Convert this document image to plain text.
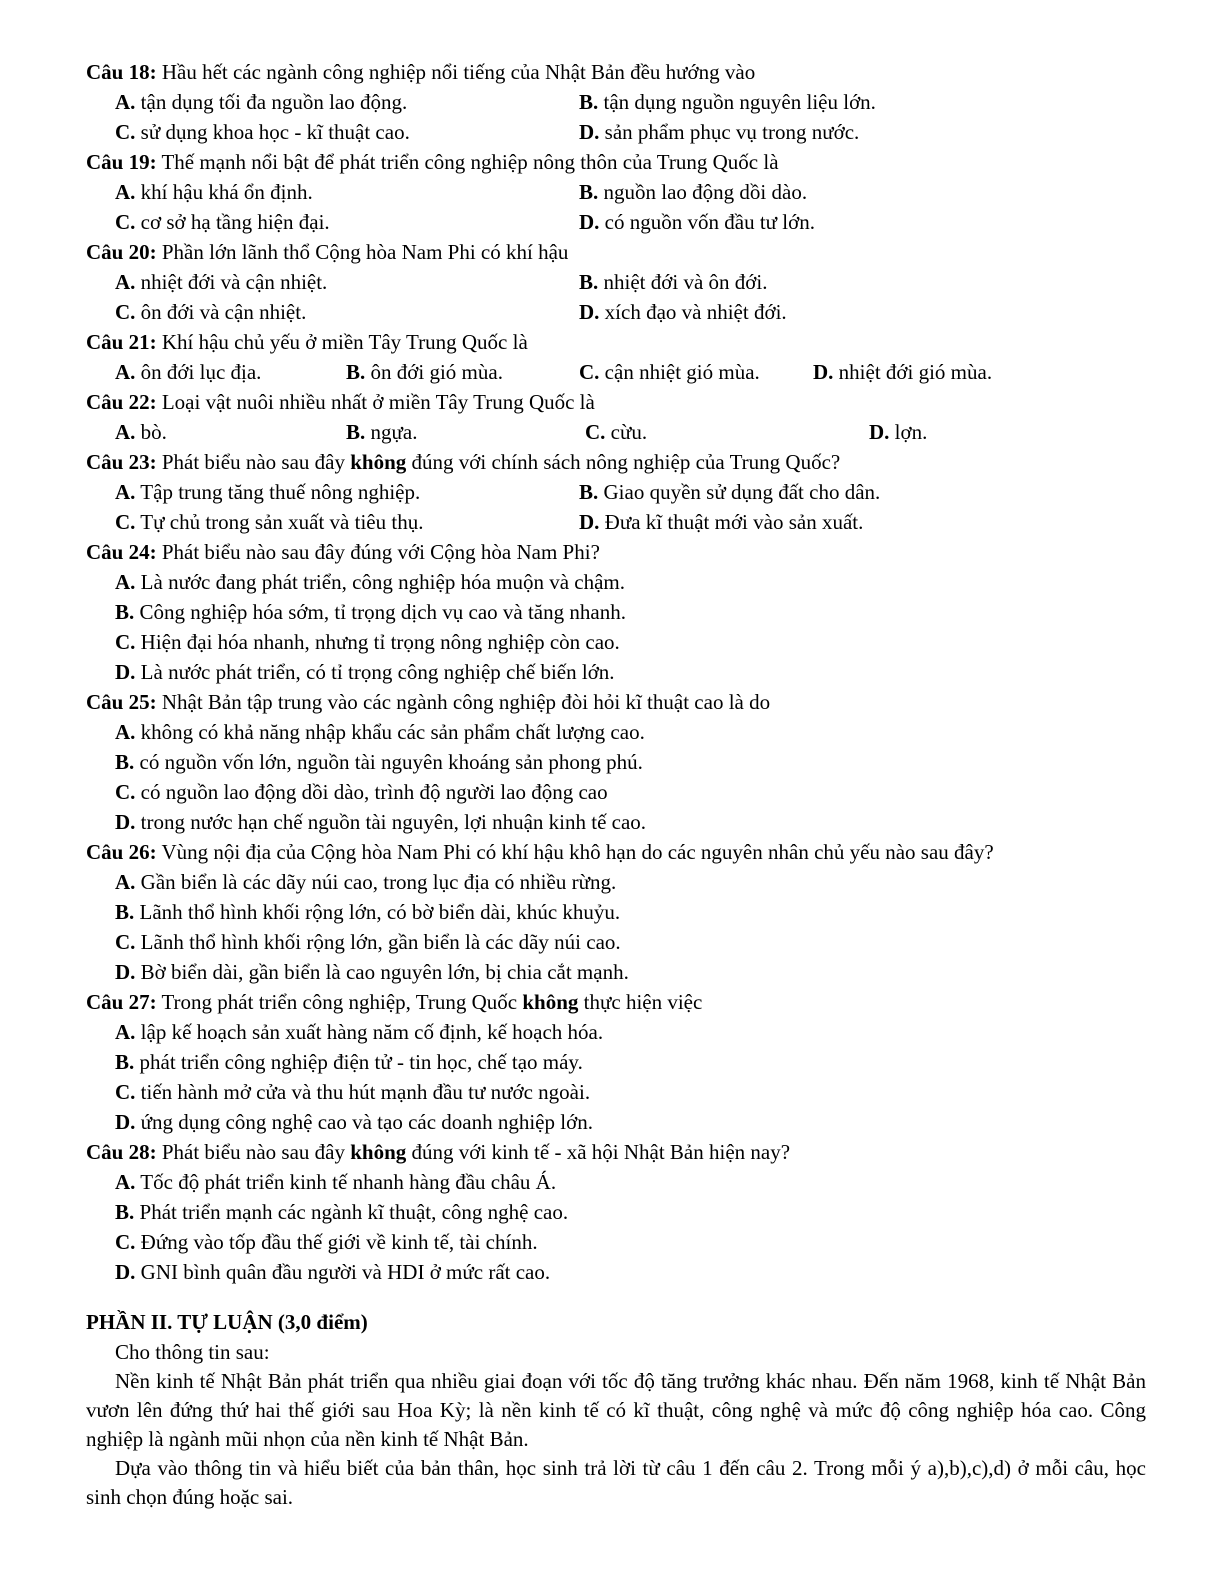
Câu 18: Hầu hết các ngành công nghiệp nổi tiếng của Nhật Bản đều hướng vào
A. tận dụng tối đa nguồn lao động.	B. tận dụng nguồn nguyên liệu lớn.
C. sử dụng khoa học - kĩ thuật cao.	D. sản phẩm phục vụ trong nước.
Câu 19: Thế mạnh nổi bật để phát triển công nghiệp nông thôn của Trung Quốc là
A. khí hậu khá ổn định.	B. nguồn lao động dồi dào.
C. cơ sở hạ tầng hiện đại.	D. có nguồn vốn đầu tư lớn.
Câu 20: Phần lớn lãnh thổ Cộng hòa Nam Phi có khí hậu
A. nhiệt đới và cận nhiệt.	B. nhiệt đới và ôn đới.
C. ôn đới và cận nhiệt.	D. xích đạo và nhiệt đới.
Câu 21: Khí hậu chủ yếu ở miền Tây Trung Quốc là
A. ôn đới lục địa.	B. ôn đới gió mùa.	C. cận nhiệt gió mùa.	D. nhiệt đới gió mùa.
Câu 22: Loại vật nuôi nhiều nhất ở miền Tây Trung Quốc là
A. bò.	B. ngựa.	C. cừu.	D. lợn.
Câu 23: Phát biểu nào sau đây không đúng với chính sách nông nghiệp của Trung Quốc?
A. Tập trung tăng thuế nông nghiệp.	B. Giao quyền sử dụng đất cho dân.
C. Tự chủ trong sản xuất và tiêu thụ.	D. Đưa kĩ thuật mới vào sản xuất.
Câu 24: Phát biểu nào sau đây đúng với Cộng hòa Nam Phi?
A. Là nước đang phát triển, công nghiệp hóa muộn và chậm.
B. Công nghiệp hóa sớm, tỉ trọng dịch vụ cao và tăng nhanh.
C. Hiện đại hóa nhanh, nhưng tỉ trọng nông nghiệp còn cao.
D. Là nước phát triển, có tỉ trọng công nghiệp chế biến lớn.
Câu 25: Nhật Bản tập trung vào các ngành công nghiệp đòi hỏi kĩ thuật cao là do
A. không có khả năng nhập khẩu các sản phẩm chất lượng cao.
B. có nguồn vốn lớn, nguồn tài nguyên khoáng sản phong phú.
C. có nguồn lao động dồi dào, trình độ người lao động cao
D. trong nước hạn chế nguồn tài nguyên, lợi nhuận kinh tế cao.
Câu 26: Vùng nội địa của Cộng hòa Nam Phi có khí hậu khô hạn do các nguyên nhân chủ yếu nào sau đây?
A. Gần biển là các dãy núi cao, trong lục địa có nhiều rừng.
B. Lãnh thổ hình khối rộng lớn, có bờ biển dài, khúc khuỷu.
C. Lãnh thổ hình khối rộng lớn, gần biển là các dãy núi cao.
D. Bờ biển dài, gần biển là cao nguyên lớn, bị chia cắt mạnh.
Câu 27: Trong phát triển công nghiệp, Trung Quốc không thực hiện việc
A. lập kế hoạch sản xuất hàng năm cố định, kế hoạch hóa.
B. phát triển công nghiệp điện tử - tin học, chế tạo máy.
C. tiến hành mở cửa và thu hút mạnh đầu tư nước ngoài.
D. ứng dụng công nghệ cao và tạo các doanh nghiệp lớn.
Câu 28: Phát biểu nào sau đây không đúng với kinh tế - xã hội Nhật Bản hiện nay?
A. Tốc độ phát triển kinh tế nhanh hàng đầu châu Á.
B. Phát triển mạnh các ngành kĩ thuật, công nghệ cao.
C. Đứng vào tốp đầu thế giới về kinh tế, tài chính.
D. GNI bình quân đầu người và HDI ở mức rất cao.
PHẦN II. TỰ LUẬN (3,0 điểm)
Cho thông tin sau:
Nền kinh tế Nhật Bản phát triển qua nhiều giai đoạn với tốc độ tăng trưởng khác nhau. Đến năm 1968, kinh tế Nhật Bản vươn lên đứng thứ hai thế giới sau Hoa Kỳ; là nền kinh tế có kĩ thuật, công nghệ và mức độ công nghiệp hóa cao. Công nghiệp là ngành mũi nhọn của nền kinh tế Nhật Bản.
Dựa vào thông tin và hiểu biết của bản thân, học sinh trả lời từ câu 1 đến câu 2. Trong mỗi ý a),b),c),d) ở mỗi câu, học sinh chọn đúng hoặc sai.
